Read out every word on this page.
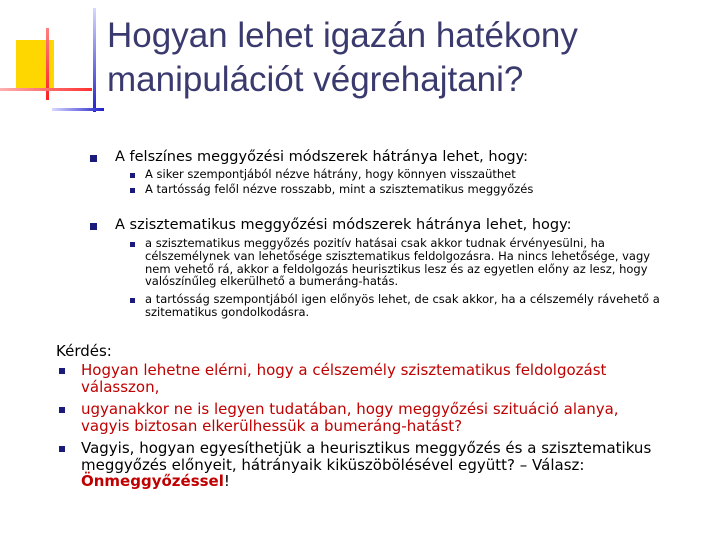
Hogyan lehet igazán hatékony
manipulációt végrehajtani?
A felszínes meggyőzési módszerek hátránya lehet, hogy:
A siker szempontjából nézve hátrány, hogy könnyen visszaüthet
A tartósság felől nézve rosszabb, mint a szisztematikus meggyőzés
A szisztematikus meggyőzési módszerek hátránya lehet, hogy:
a szisztematikus meggyőzés pozitív hatásai csak akkor tudnak érvényesülni, ha célszemélynek van lehetősége szisztematikus feldolgozásra. Ha nincs lehetősége, vagy nem vehető rá, akkor a feldolgozás heurisztikus lesz és az egyetlen előny az lesz, hogy valószínűleg elkerülhető a bumeráng-hatás.
a tartósság szempontjából igen előnyös lehet, de csak akkor, ha a célszemély rávehető a szitematikus gondolkodásra.
Kérdés:
Hogyan lehetne elérni, hogy a célszemély szisztematikus feldolgozást válasszon,
ugyanakkor ne is legyen tudatában, hogy meggyőzési szituáció alanya, vagyis biztosan elkerülhessük a bumeráng-hatást?
Vagyis, hogyan egyesíthetjük a heurisztikus meggyőzés és a szisztematikus meggyőzés előnyeit, hátrányaik kiküszöbölésével együtt? – Válasz: Önmeggyőzéssel!
